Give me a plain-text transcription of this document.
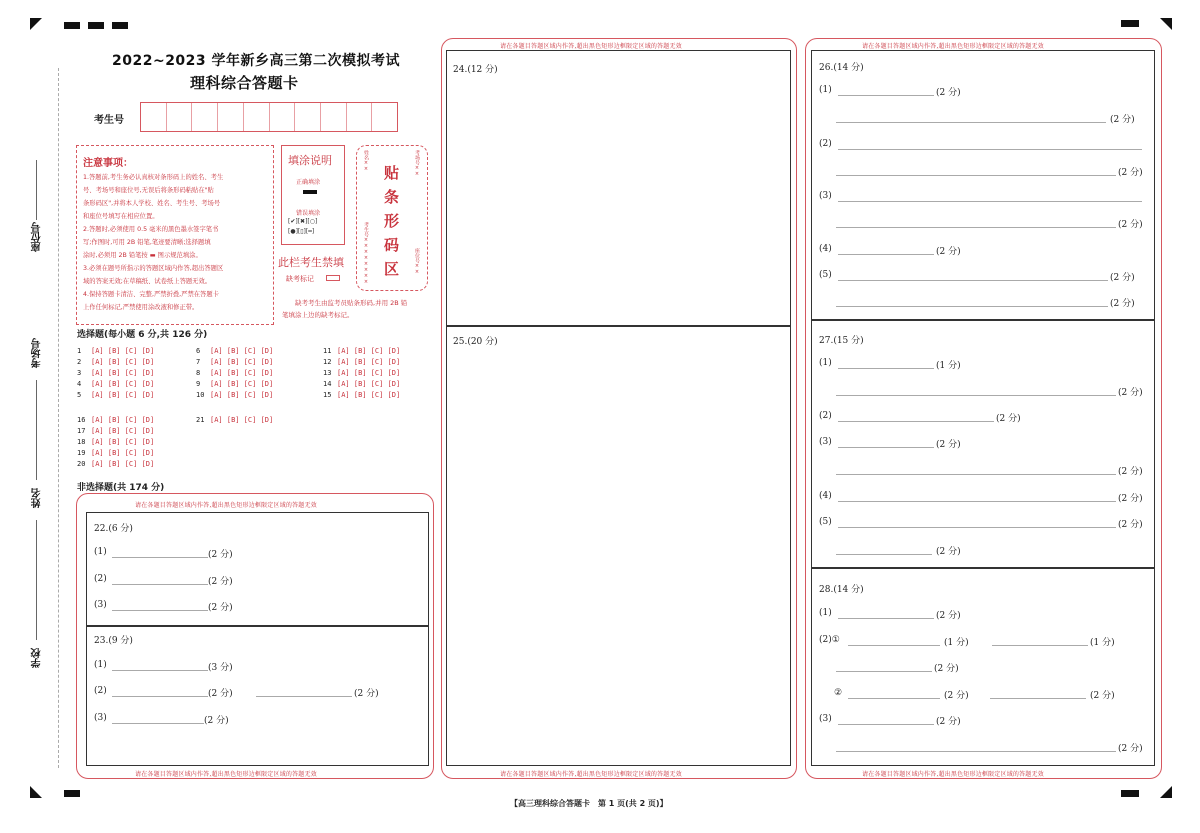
座位号
考场号
姓名
学校
2022~2023 学年新乡高三第二次模拟考试
理科综合答题卡
考生号
注意事项：

1.答题前,考生务必认真核对条形码上的姓名、考生

号、考场号和座位号,无误后将条形码粘贴在"贴

条形码区",并将本人学校、姓名、考生号、考场号

和座位号填写在相应位置。

2.答题时,必须使用 0.5 毫米的黑色墨水签字笔书

写;作图时,可用 2B 铅笔,笔迹要清晰;选择题填

涂时,必须用 2B 铅笔按 ▬ 图示规范填涂。

3.必须在题号所指示的答题区域内作答,超出答题区

域的答案无效;在草稿纸、试卷纸上答题无效。

4.保持答题卡清洁、完整,严禁折叠,严禁在答题卡

上作任何标记,严禁使用涂改液和修正带。

填涂说明
正确填涂
错误填涂
[✔][✖][○]
[●][▯][═]
此栏考生禁填
缺考标记
贴
条
形
码
区
姓名××
考生号××××××××
考场号××
座位号××
缺考考生由监考员贴条形码,并用 2B 铅
笔填涂上边的缺考标记。
选择题(每小题 6 分,共 126 分)
1 [A] [B] [C] [D]
2 [A] [B] [C] [D]
3 [A] [B] [C] [D]
4 [A] [B] [C] [D]
5 [A] [B] [C] [D]
6 [A] [B] [C] [D]
7 [A] [B] [C] [D]
8 [A] [B] [C] [D]
9 [A] [B] [C] [D]
10 [A] [B] [C] [D]
11 [A] [B] [C] [D]
12 [A] [B] [C] [D]
13 [A] [B] [C] [D]
14 [A] [B] [C] [D]
15 [A] [B] [C] [D]
16 [A] [B] [C] [D]
17 [A] [B] [C] [D]
18 [A] [B] [C] [D]
19 [A] [B] [C] [D]
20 [A] [B] [C] [D]
21 [A] [B] [C] [D]
非选择题(共 174 分)
请在各题目答题区域内作答,超出黑色矩形边框限定区域的答题无效
请在各题目答题区域内作答,超出黑色矩形边框限定区域的答题无效
22.(6 分)
(1)	(2 分)
(2)	(2 分)
(3)	(2 分)
23.(9 分)
(1)	(3 分)
(2)	(2 分)	(2 分)
(3)	(2 分)
请在各题目答题区域内作答,超出黑色矩形边框限定区域的答题无效
请在各题目答题区域内作答,超出黑色矩形边框限定区域的答题无效
24.(12 分)
25.(20 分)
请在各题目答题区域内作答,超出黑色矩形边框限定区域的答题无效
请在各题目答题区域内作答,超出黑色矩形边框限定区域的答题无效
26.(14 分)
(1)	(2 分)
(2 分)
(2)
(2 分)
(3)
(2 分)
(4)	(2 分)
(5)	(2 分)
(2 分)
27.(15 分)
(1)	(1 分)
(2 分)
(2)	(2 分)
(3)	(2 分)
(2 分)
(4)	(2 分)
(5)	(2 分)
(2 分)
28.(14 分)
(1)	(2 分)
(2)①	(1 分)	(1 分)
(2 分)
②	(2 分)	(2 分)
(3)	(2 分)
(2 分)
【高三理科综合答题卡　第 1 页(共 2 页)】
